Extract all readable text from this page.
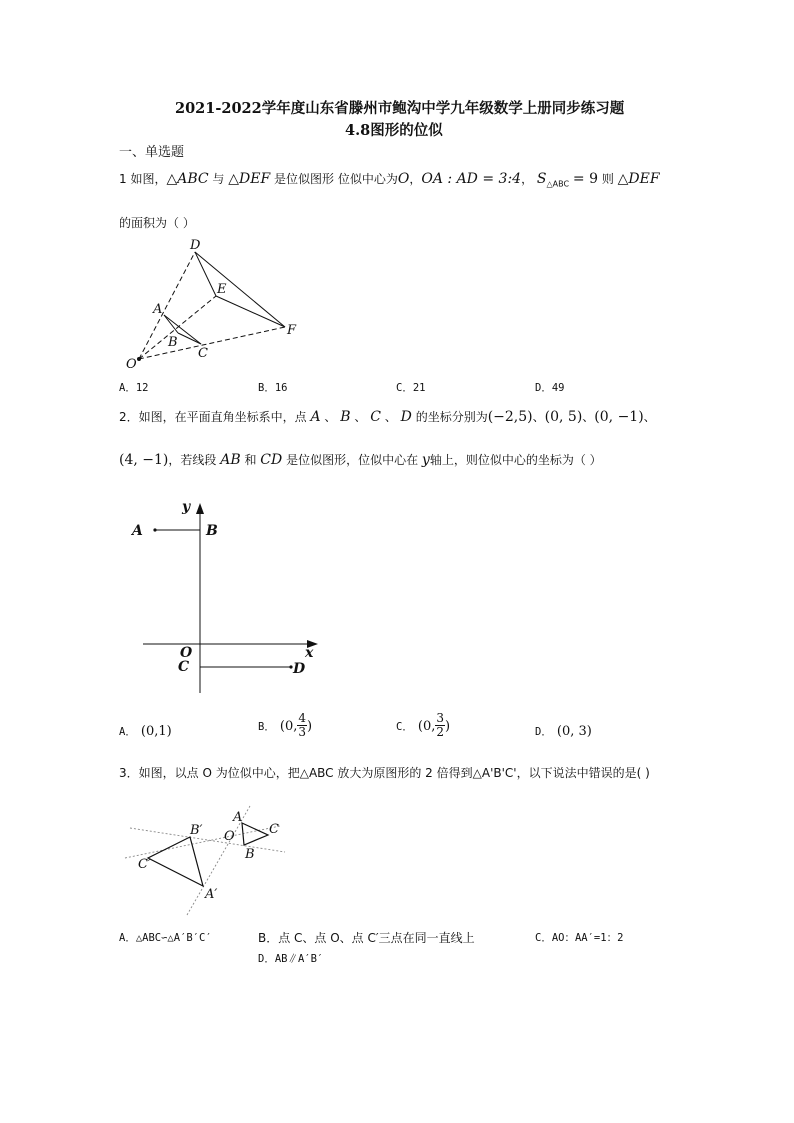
2021-2022学年度山东省滕州市鲍沟中学九年级数学上册同步练习题
4.8图形的位似
一、单选题
1 如图，△ABC 与 △DEF 是位似图形 位似中心为O，OA : AD = 3:4， $S_{\triangle ABC} = 9$ 则 △DEF
的面积为（ ）
D
E
A
B
C
F
O
y
A	B
O	x
C	D
B′
C′
A′
O
A
B
C
A．12	B．16	C．21	D．49
2．如图，在平面直角坐标系中，点 A 、 B 、 C 、 D 的坐标分别为(−2,5)、(0, 5)、(0, −1)、
(4, −1)，若线段 AB 和 CD 是位似图形，位似中心在 y轴上，则位似中心的坐标为（ ）
A． (0,1)	B． (0, $\frac{4}{3}$ )	C． (0, $\frac{3}{2}$ )	D． (0, 3)
3．如图，以点 O 为位似中心，把△ABC 放大为原图形的 2 倍得到△A'B'C'，以下说法中错误的是( )
A．△ABC∽△A′B′C′	B．点 C、点 O、点 C′三点在同一直线上	C．AO：AA′=1：2
D．AB∥A′B′
